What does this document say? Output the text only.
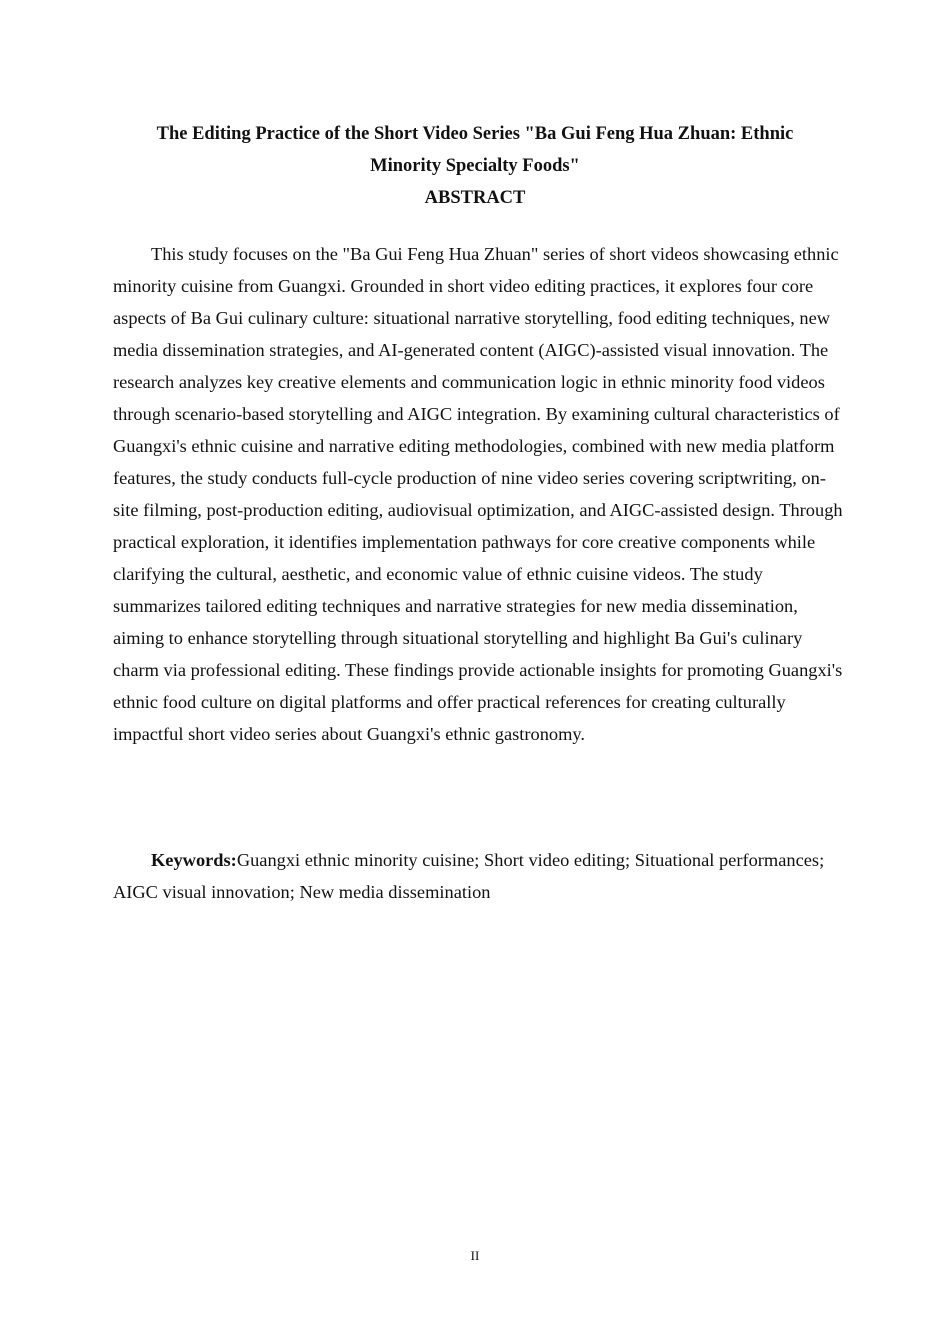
The Editing Practice of the Short Video Series "Ba Gui Feng Hua Zhuan: Ethnic
Minority Specialty Foods"
ABSTRACT

This study focuses on the "Ba Gui Feng Hua Zhuan" series of short videos showcasing ethnic minority cuisine from Guangxi. Grounded in short video editing practices, it explores four core aspects of Ba Gui culinary culture: situational narrative storytelling, food editing techniques, new media dissemination strategies, and AI-generated content (AIGC)-assisted visual innovation. The research analyzes key creative elements and communication logic in ethnic minority food videos through scenario-based storytelling and AIGC integration. By examining cultural characteristics of Guangxi's ethnic cuisine and narrative editing methodologies, combined with new media platform features, the study conducts full-cycle production of nine video series covering scriptwriting, on-site filming, post-production editing, audiovisual optimization, and AIGC-assisted design. Through practical exploration, it identifies implementation pathways for core creative components while clarifying the cultural, aesthetic, and economic value of ethnic cuisine videos. The study summarizes tailored editing techniques and narrative strategies for new media dissemination, aiming to enhance storytelling through situational storytelling and highlight Ba Gui's culinary charm via professional editing. These findings provide actionable insights for promoting Guangxi's ethnic food culture on digital platforms and offer practical references for creating culturally impactful short video series about Guangxi's ethnic gastronomy.

Keywords:Guangxi ethnic minority cuisine; Short video editing; Situational performances; AIGC visual innovation; New media dissemination

II
